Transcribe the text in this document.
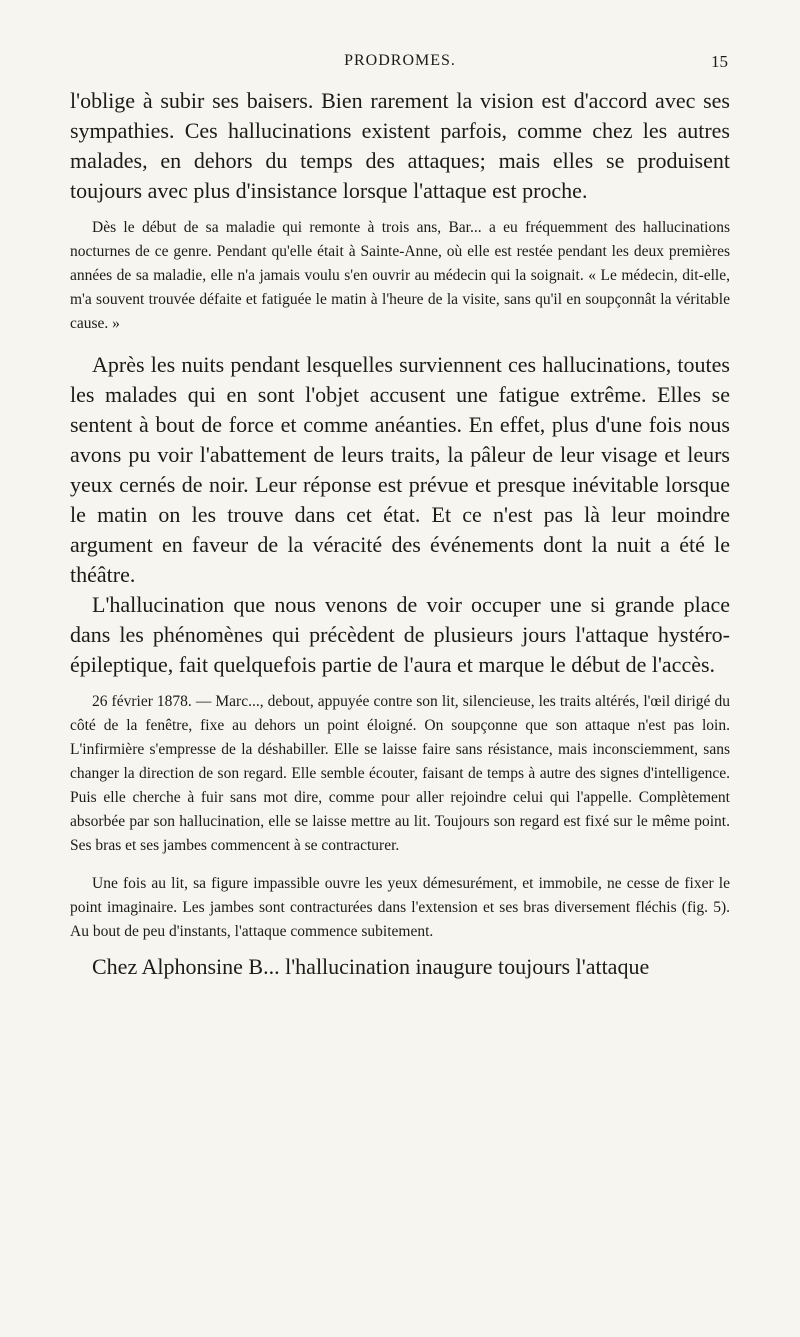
PRODROMES.	15

l'oblige à subir ses baisers. Bien rarement la vision est d'accord avec ses sympathies. Ces hallucinations existent parfois, comme chez les autres malades, en dehors du temps des attaques; mais elles se produisent toujours avec plus d'insistance lorsque l'attaque est proche.

Dès le début de sa maladie qui remonte à trois ans, Bar... a eu fréquemment des hallucinations nocturnes de ce genre. Pendant qu'elle était à Sainte-Anne, où elle est restée pendant les deux premières années de sa maladie, elle n'a jamais voulu s'en ouvrir au médecin qui la soignait. « Le médecin, dit-elle, m'a souvent trouvée défaite et fatiguée le matin à l'heure de la visite, sans qu'il en soupçonnât la véritable cause. »

Après les nuits pendant lesquelles surviennent ces hallucinations, toutes les malades qui en sont l'objet accusent une fatigue extrême. Elles se sentent à bout de force et comme anéanties. En effet, plus d'une fois nous avons pu voir l'abattement de leurs traits, la pâleur de leur visage et leurs yeux cernés de noir. Leur réponse est prévue et presque inévitable lorsque le matin on les trouve dans cet état. Et ce n'est pas là leur moindre argument en faveur de la véracité des événements dont la nuit a été le théâtre.

L'hallucination que nous venons de voir occuper une si grande place dans les phénomènes qui précèdent de plusieurs jours l'attaque hystéro-épileptique, fait quelquefois partie de l'aura et marque le début de l'accès.

26 février 1878. — Marc..., debout, appuyée contre son lit, silencieuse, les traits altérés, l'œil dirigé du côté de la fenêtre, fixe au dehors un point éloigné. On soupçonne que son attaque n'est pas loin. L'infirmière s'empresse de la déshabiller. Elle se laisse faire sans résistance, mais inconsciemment, sans changer la direction de son regard. Elle semble écouter, faisant de temps à autre des signes d'intelligence. Puis elle cherche à fuir sans mot dire, comme pour aller rejoindre celui qui l'appelle. Complètement absorbée par son hallucination, elle se laisse mettre au lit. Toujours son regard est fixé sur le même point. Ses bras et ses jambes commencent à se contracturer.

Une fois au lit, sa figure impassible ouvre les yeux démesurément, et immobile, ne cesse de fixer le point imaginaire. Les jambes sont contracturées dans l'extension et ses bras diversement fléchis (fig. 5). Au bout de peu d'instants, l'attaque commence subitement.

Chez Alphonsine B... l'hallucination inaugure toujours l'attaque
